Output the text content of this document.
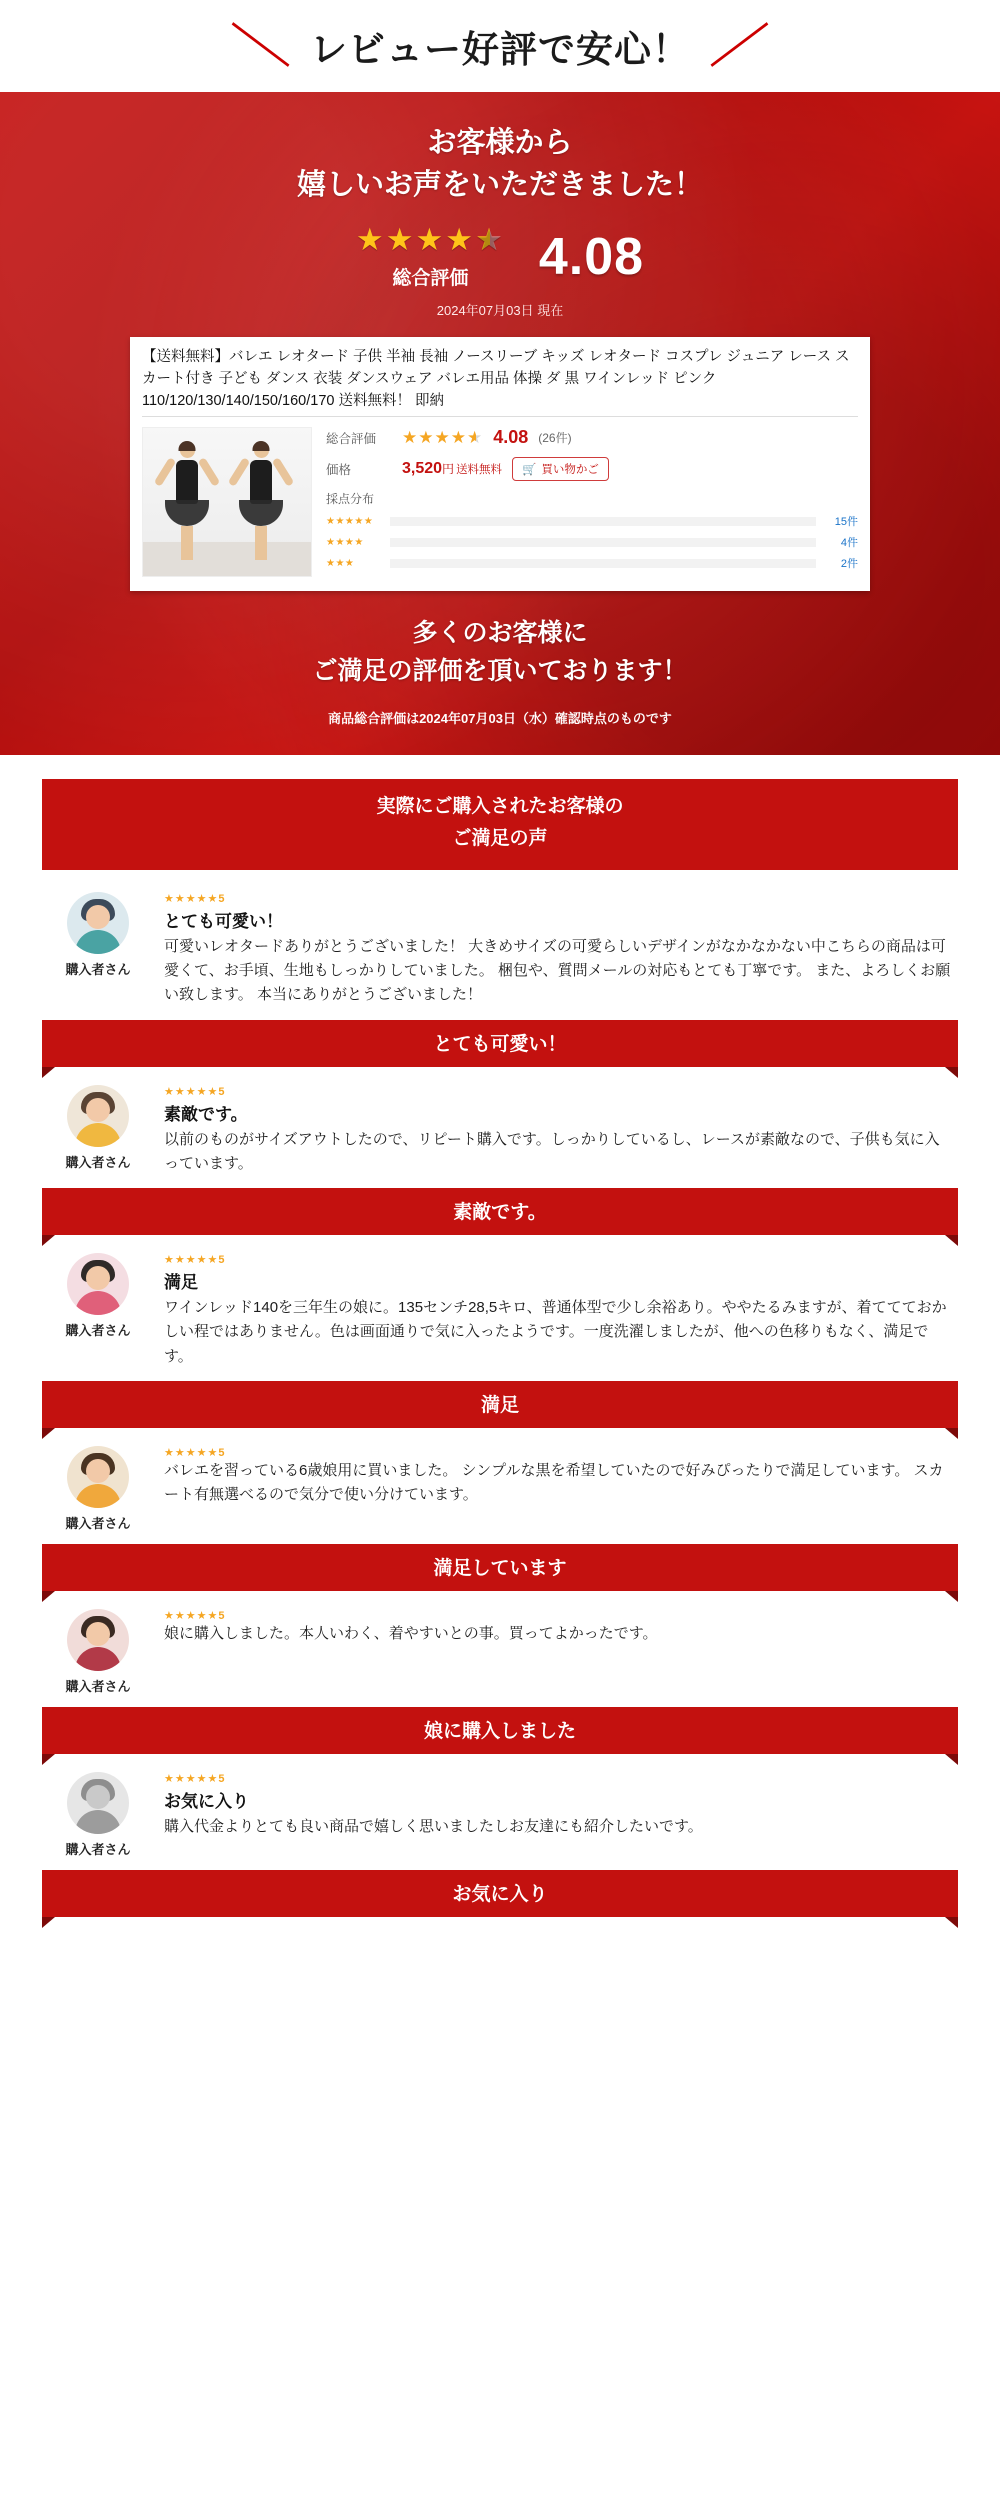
＼ レビュー好評で安心！ ／
お客様から
嬉しいお声をいただきました！
★★★★★
総合評価	4.08
2024年07月03日 現在
【送料無料】バレエ レオタード 子供 半袖 長袖 ノースリーブ キッズ レオタード コスプレ ジュニア レース スカート付き 子ども ダンス 衣装 ダンスウェア バレエ用品 体操 ダ 黒 ワインレッド ピンク 110/120/130/140/150/160/170 送料無料！ 即納
総合評価	★★★★★ 4.08 (26件)
価格	3,520円 送料無料 🛒 買い物かご
採点分布
★★★★★	15件
★★★★	4件
★★★	2件
多くのお客様に
ご満足の評価を頂いております！
商品総合評価は2024年07月03日（水）確認時点のものです
実際にご購入されたお客様の
ご満足の声
購入者さん
★★★★★5
とても可愛い！
可愛いレオタードありがとうございました！ 大きめサイズの可愛らしいデザインがなかなかない中こちらの商品は可愛くて、お手頃、生地もしっかりしていました。 梱包や、質問メールの対応もとても丁寧です。 また、よろしくお願い致します。 本当にありがとうございました！
とても可愛い！
購入者さん
★★★★★5
素敵です。
以前のものがサイズアウトしたので、リピート購入です。しっかりしているし、レースが素敵なので、子供も気に入っています。
素敵です。
購入者さん
★★★★★5
満足
ワインレッド140を三年生の娘に。135センチ28,5キロ、普通体型で少し余裕あり。ややたるみますが、着ててておかしい程ではありません。色は画面通りで気に入ったようです。一度洗濯しましたが、他への色移りもなく、満足です。
満足
購入者さん
★★★★★5
バレエを習っている6歳娘用に買いました。 シンプルな黒を希望していたので好みぴったりで満足しています。 スカート有無選べるので気分で使い分けています。
満足しています
購入者さん
★★★★★5
娘に購入しました。本人いわく、着やすいとの事。買ってよかったです。
娘に購入しました
購入者さん
★★★★★5
お気に入り
購入代金よりとても良い商品で嬉しく思いましたしお友達にも紹介したいです。
お気に入り
